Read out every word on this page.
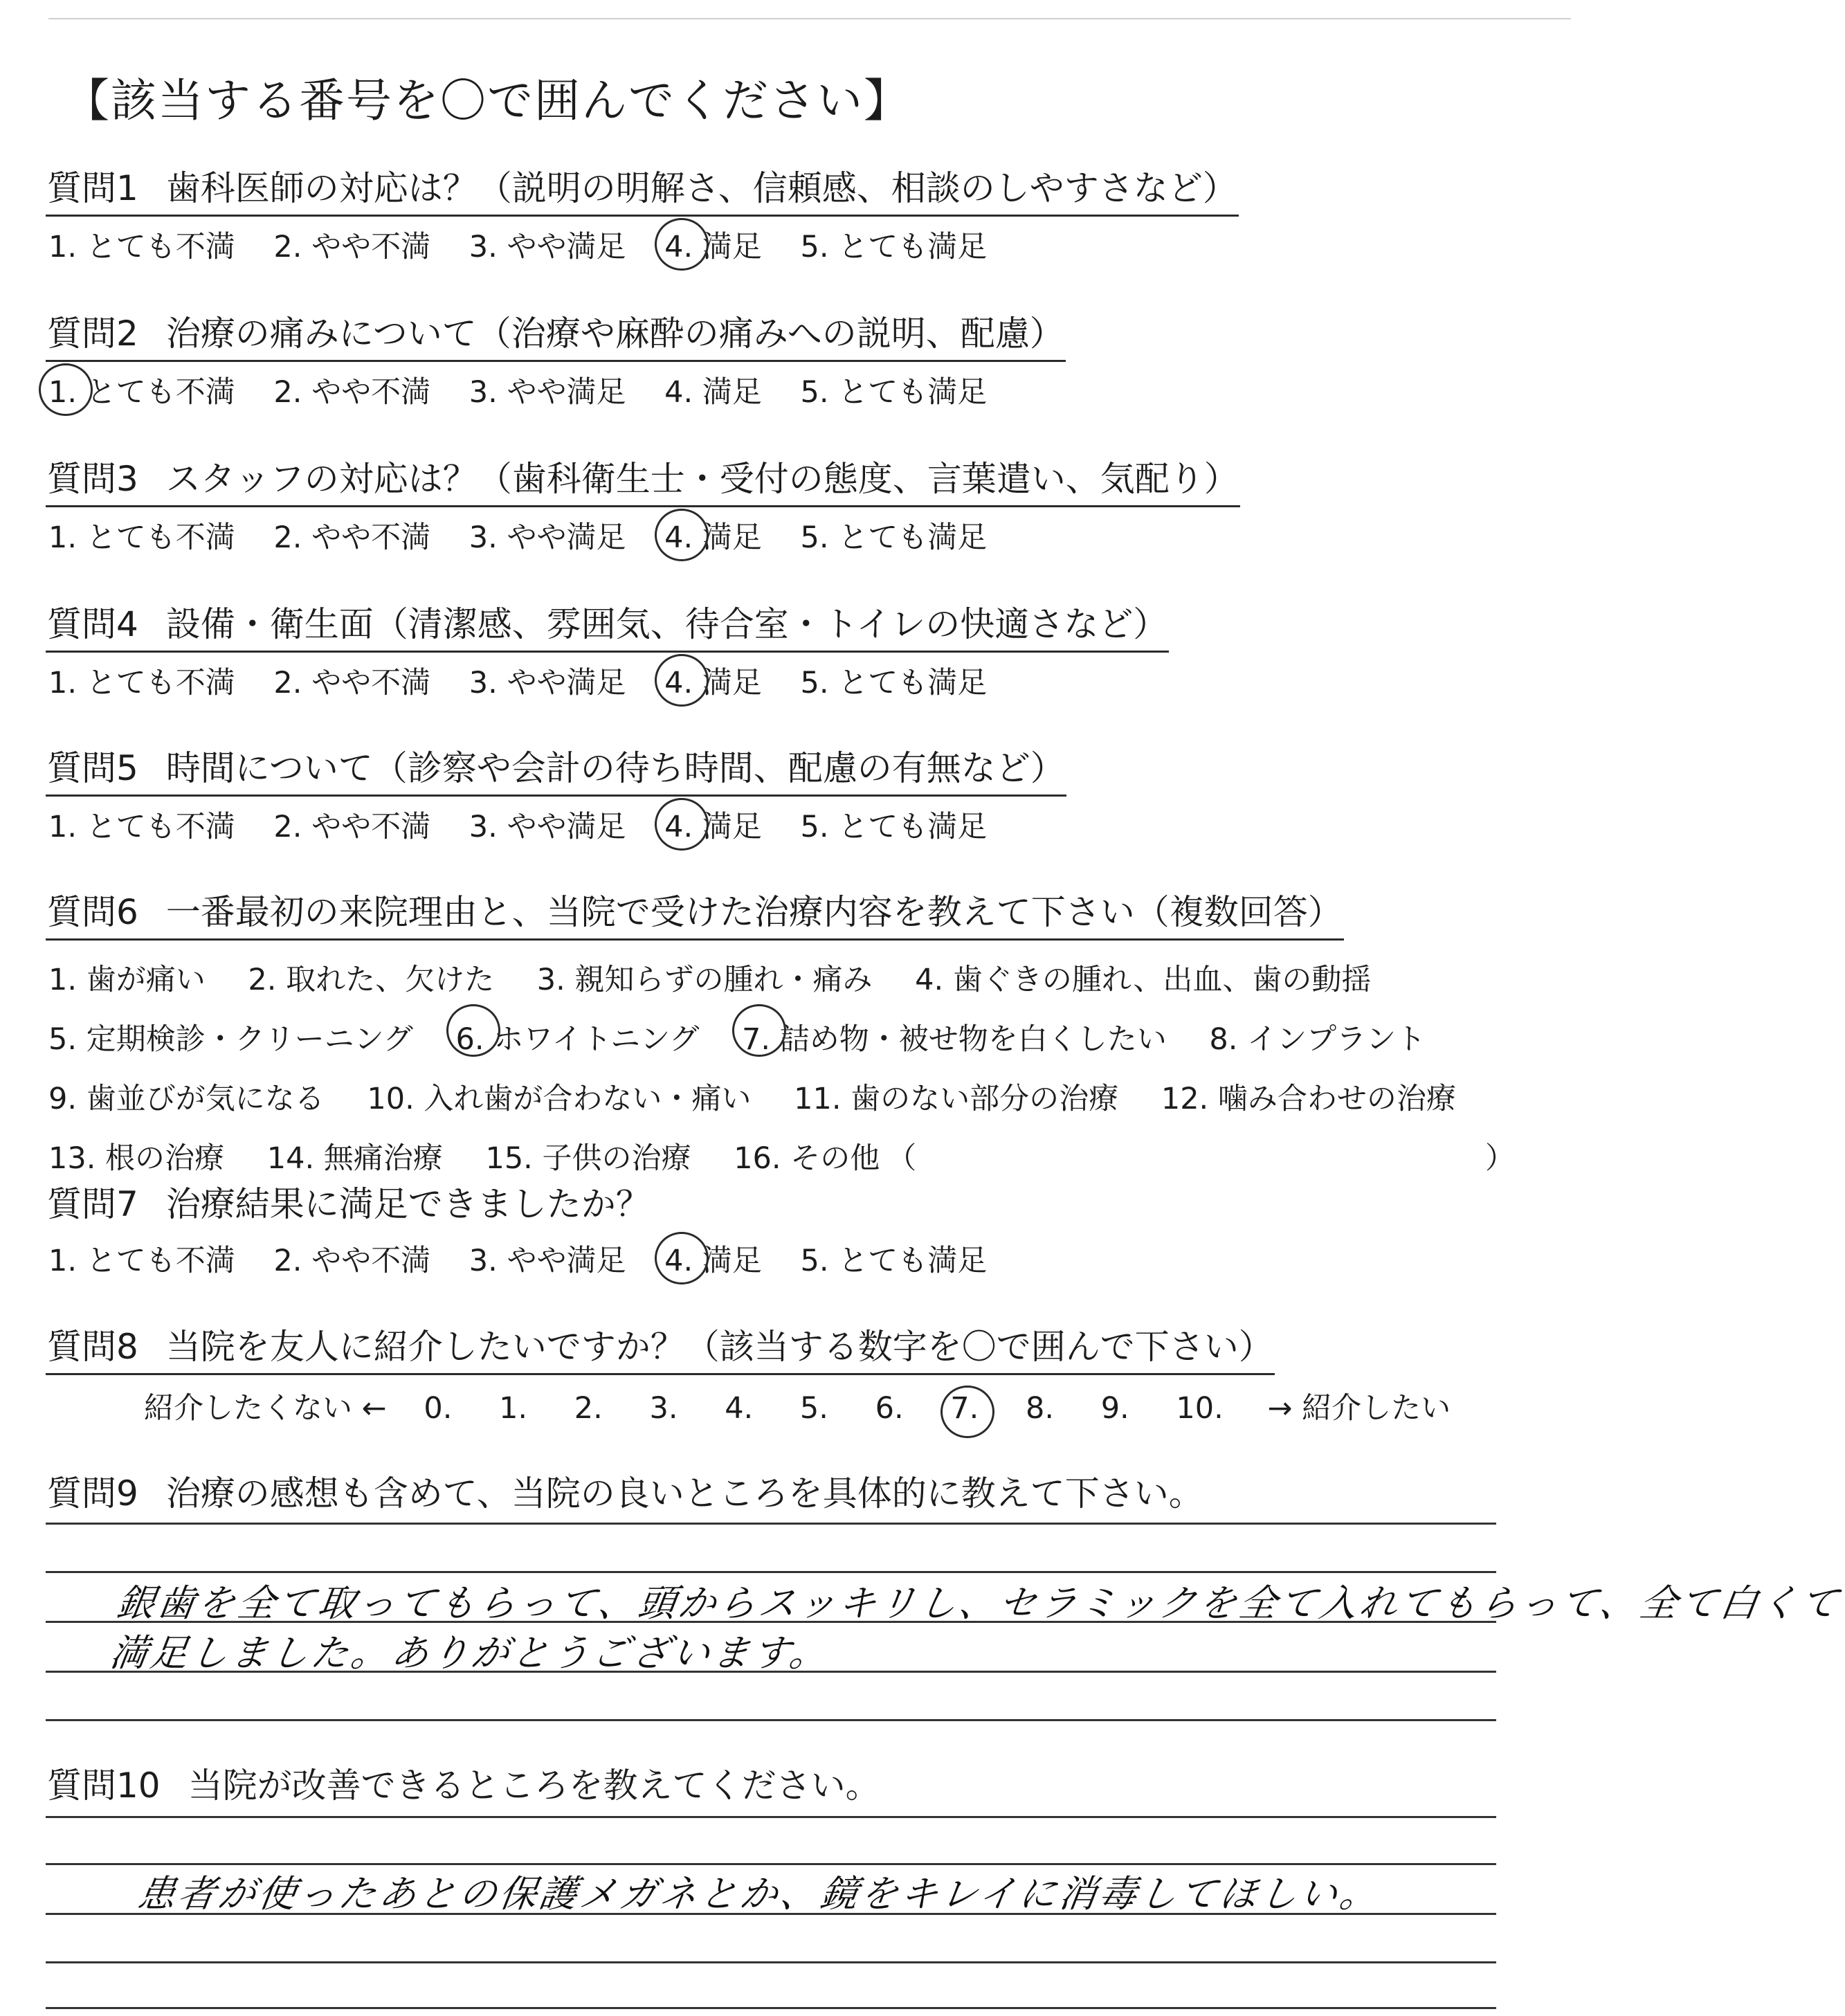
【該当する番号を〇で囲んでください】
質問1 歯科医師の対応は？（説明の明解さ、信頼感、相談のしやすさなど）
1. とても不満 2. やや不満 3. やや満足 4. 満足 5. とても満足
質問2 治療の痛みについて（治療や麻酔の痛みへの説明、配慮）
1. とても不満 2. やや不満 3. やや満足 4. 満足 5. とても満足
質問3 スタッフの対応は？（歯科衛生士・受付の態度、言葉遣い、気配り）
1. とても不満 2. やや不満 3. やや満足 4. 満足 5. とても満足
質問4 設備・衛生面（清潔感、雰囲気、待合室・トイレの快適さなど）
1. とても不満 2. やや不満 3. やや満足 4. 満足 5. とても満足
質問5 時間について（診察や会計の待ち時間、配慮の有無など）
1. とても不満 2. やや不満 3. やや満足 4. 満足 5. とても満足
質問6 一番最初の来院理由と、当院で受けた治療内容を教えて下さい（複数回答）
1. 歯が痛い 2. 取れた、欠けた 3. 親知らずの腫れ・痛み 4. 歯ぐきの腫れ、出血、歯の動揺
5. 定期検診・クリーニング 6. ホワイトニング 7. 詰め物・被せ物を白くしたい 8. インプラント
9. 歯並びが気になる 10. 入れ歯が合わない・痛い 11. 歯のない部分の治療 12. 噛み合わせの治療
13. 根の治療 14. 無痛治療 15. 子供の治療 16. その他 （	）
質問7 治療結果に満足できましたか？
1. とても不満 2. やや不満 3. やや満足 4. 満足 5. とても満足
質問8 当院を友人に紹介したいですか？（該当する数字を〇で囲んで下さい）
紹介したくない ← 0. 1. 2. 3. 4. 5. 6. 7. 8. 9. 10. → 紹介したい
質問9 治療の感想も含めて、当院の良いところを具体的に教えて下さい。
銀歯を全て取ってもらって、頭からスッキリし、セラミックを全て入れてもらって、全て白くて
満足しました。ありがとうございます。
質問10 当院が改善できるところを教えてください。
患者が使ったあとの保護メガネとか、鏡をキレイに消毒してほしい。
